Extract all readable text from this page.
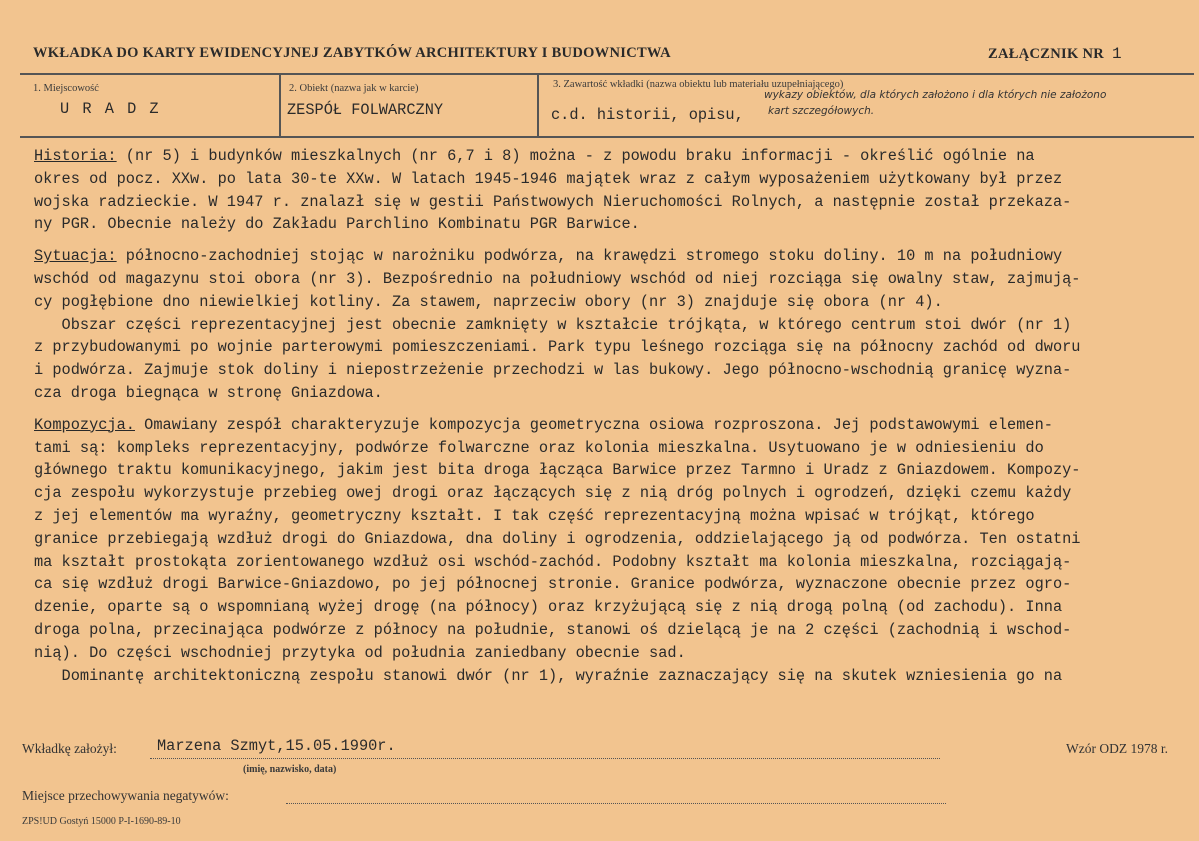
WKŁADKA DO KARTY EWIDENCYJNEJ ZABYTKÓW ARCHITEKTURY I BUDOWNICTWA	ZAŁĄCZNIK NR 1
1. Miejscowość
U R A D Z
2. Obiekt (nazwa jak w karcie)
ZESPÓŁ FOLWARCZNY
3. Zawartość wkładki (nazwa obiektu lub materiału uzupełniającego)
c.d. historii, opisu,
wykazy obiektów, dla których założono i dla których nie założono
kart szczegółowych.
Historia: (nr 5) i budynków mieszkalnych (nr 6,7 i 8) można - z powodu braku informacji - określić ogólnie na
okres od pocz. XXw. po lata 30-te XXw. W latach 1945-1946 majątek wraz z całym wyposażeniem użytkowany był przez
wojska radzieckie. W 1947 r. znalazł się w gestii Państwowych Nieruchomości Rolnych, a następnie został przekaza-
ny PGR. Obecnie należy do Zakładu Parchlino Kombinatu PGR Barwice.
Sytuacja: północno-zachodniej stojąc w narożniku podwórza, na krawędzi stromego stoku doliny. 10 m na południowy
wschód od magazynu stoi obora (nr 3). Bezpośrednio na południowy wschód od niej rozciąga się owalny staw, zajmują-
cy pogłębione dno niewielkiej kotliny. Za stawem, naprzeciw obory (nr 3) znajduje się obora (nr 4).
Obszar części reprezentacyjnej jest obecnie zamknięty w kształcie trójkąta, w którego centrum stoi dwór (nr 1)
z przybudowanymi po wojnie parterowymi pomieszczeniami. Park typu leśnego rozciąga się na północny zachód od dworu
i podwórza. Zajmuje stok doliny i niepostrzeżenie przechodzi w las bukowy. Jego północno-wschodnią granicę wyzna-
cza droga biegnąca w stronę Gniazdowa.
Kompozycja. Omawiany zespół charakteryzuje kompozycja geometryczna osiowa rozproszona. Jej podstawowymi elemen-
tami są: kompleks reprezentacyjny, podwórze folwarczne oraz kolonia mieszkalna. Usytuowano je w odniesieniu do
głównego traktu komunikacyjnego, jakim jest bita droga łącząca Barwice przez Tarmno i Uradz z Gniazdowem. Kompozy-
cja zespołu wykorzystuje przebieg owej drogi oraz łączących się z nią dróg polnych i ogrodzeń, dzięki czemu każdy
z jej elementów ma wyraźny, geometryczny kształt. I tak część reprezentacyjną można wpisać w trójkąt, którego
granice przebiegają wzdłuż drogi do Gniazdowa, dna doliny i ogrodzenia, oddzielającego ją od podwórza. Ten ostatni
ma kształt prostokąta zorientowanego wzdłuż osi wschód-zachód. Podobny kształt ma kolonia mieszkalna, rozciągają-
ca się wzdłuż drogi Barwice-Gniazdowo, po jej północnej stronie. Granice podwórza, wyznaczone obecnie przez ogro-
dzenie, oparte są o wspomnianą wyżej drogę (na północy) oraz krzyżującą się z nią drogą polną (od zachodu). Inna
droga polna, przecinająca podwórze z północy na południe, stanowi oś dzielącą je na 2 części (zachodnią i wschod-
nią). Do części wschodniej przytyka od południa zaniedbany obecnie sad.
Dominantę architektoniczną zespołu stanowi dwór (nr 1), wyraźnie zaznaczający się na skutek wzniesienia go na
Wkładkę założył:	Marzena Szmyt,15.05.1990r.
(imię, nazwisko, data)
Wzór ODZ 1978 r.
Miejsce przechowywania negatywów:
ZPS!UD Gostyń 15000 P-I-1690-89-10
